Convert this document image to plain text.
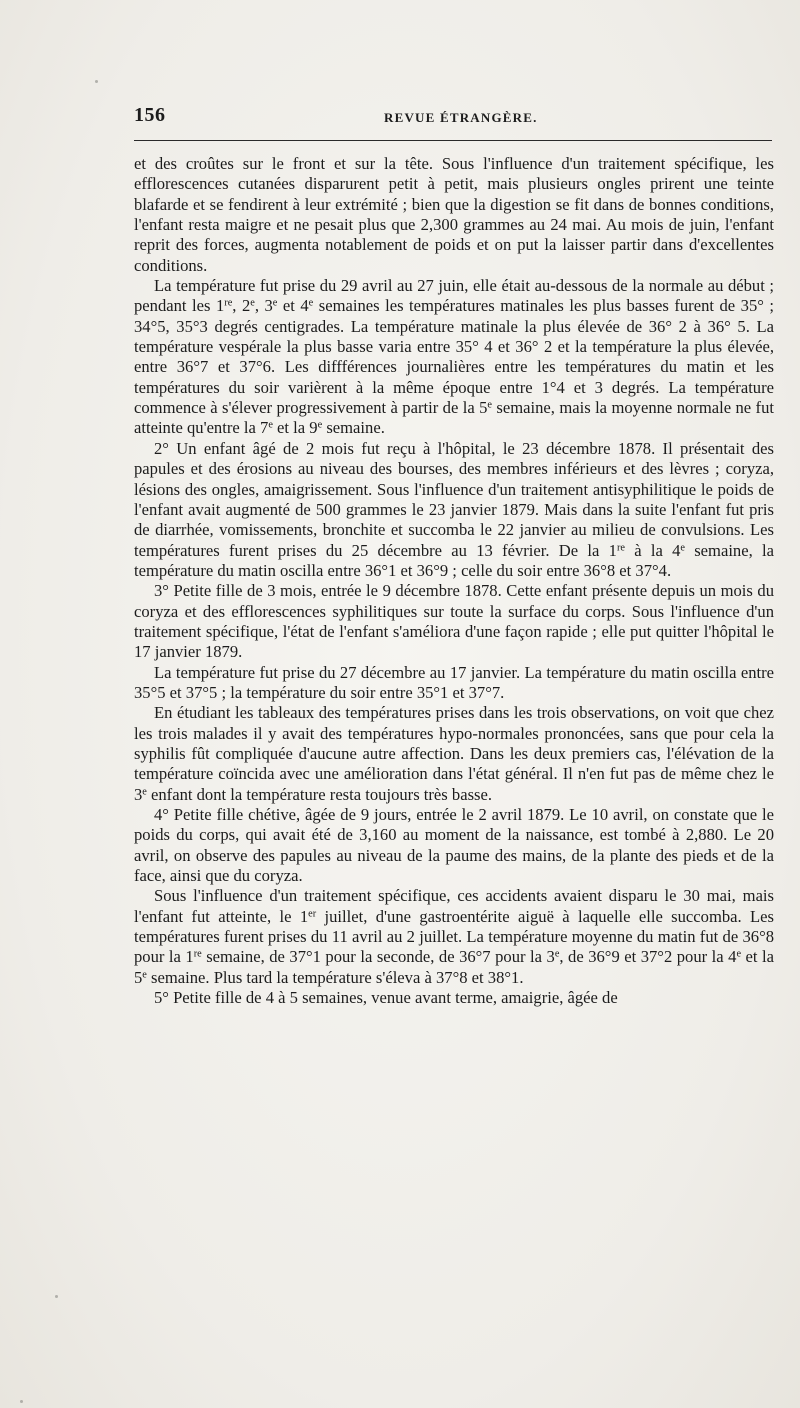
156	REVUE ÉTRANGÈRE.

et des croûtes sur le front et sur la tête. Sous l'influence d'un traitement spécifique, les efflorescences cutanées disparurent petit à petit, mais plusieurs ongles prirent une teinte blafarde et se fendirent à leur extrémité ; bien que la digestion se fit dans de bonnes conditions, l'enfant resta maigre et ne pesait plus que 2,300 grammes au 24 mai. Au mois de juin, l'enfant reprit des forces, augmenta notablement de poids et on put la laisser partir dans d'excellentes conditions.

La température fut prise du 29 avril au 27 juin, elle était au-dessous de la normale au début ; pendant les 1re, 2e, 3e et 4e semaines les températures matinales les plus basses furent de 35° ; 34°5, 35°3 degrés centigrades. La température matinale la plus élevée de 36° 2 à 36° 5. La température vespérale la plus basse varia entre 35° 4 et 36° 2 et la température la plus élevée, entre 36°7 et 37°6. Les diffférences journalières entre les températures du matin et les températures du soir varièrent à la même époque entre 1°4 et 3 degrés. La température commence à s'élever progressivement à partir de la 5e semaine, mais la moyenne normale ne fut atteinte qu'entre la 7e et la 9e semaine.

2° Un enfant âgé de 2 mois fut reçu à l'hôpital, le 23 décembre 1878. Il présentait des papules et des érosions au niveau des bourses, des membres inférieurs et des lèvres ; coryza, lésions des ongles, amaigrissement. Sous l'influence d'un traitement antisyphilitique le poids de l'enfant avait augmenté de 500 grammes le 23 janvier 1879. Mais dans la suite l'enfant fut pris de diarrhée, vomissements, bronchite et succomba le 22 janvier au milieu de convulsions. Les températures furent prises du 25 décembre au 13 février. De la 1re à la 4e semaine, la température du matin oscilla entre 36°1 et 36°9 ; celle du soir entre 36°8 et 37°4.

3° Petite fille de 3 mois, entrée le 9 décembre 1878. Cette enfant présente depuis un mois du coryza et des efflorescences syphilitiques sur toute la surface du corps. Sous l'influence d'un traitement spécifique, l'état de l'enfant s'améliora d'une façon rapide ; elle put quitter l'hôpital le 17 janvier 1879.

La température fut prise du 27 décembre au 17 janvier. La température du matin oscilla entre 35°5 et 37°5 ; la température du soir entre 35°1 et 37°7.

En étudiant les tableaux des températures prises dans les trois observations, on voit que chez les trois malades il y avait des températures hypo-normales prononcées, sans que pour cela la syphilis fût compliquée d'aucune autre affection. Dans les deux premiers cas, l'élévation de la température coïncida avec une amélioration dans l'état général. Il n'en fut pas de même chez le 3e enfant dont la température resta toujours très basse.

4° Petite fille chétive, âgée de 9 jours, entrée le 2 avril 1879. Le 10 avril, on constate que le poids du corps, qui avait été de 3,160 au moment de la naissance, est tombé à 2,880. Le 20 avril, on observe des papules au niveau de la paume des mains, de la plante des pieds et de la face, ainsi que du coryza.

Sous l'influence d'un traitement spécifique, ces accidents avaient disparu le 30 mai, mais l'enfant fut atteinte, le 1er juillet, d'une gastroentérite aiguë à laquelle elle succomba. Les températures furent prises du 11 avril au 2 juillet. La température moyenne du matin fut de 36°8 pour la 1re semaine, de 37°1 pour la seconde, de 36°7 pour la 3e, de 36°9 et 37°2 pour la 4e et la 5e semaine. Plus tard la température s'éleva à 37°8 et 38°1.

5° Petite fille de 4 à 5 semaines, venue avant terme, amaigrie, âgée de
